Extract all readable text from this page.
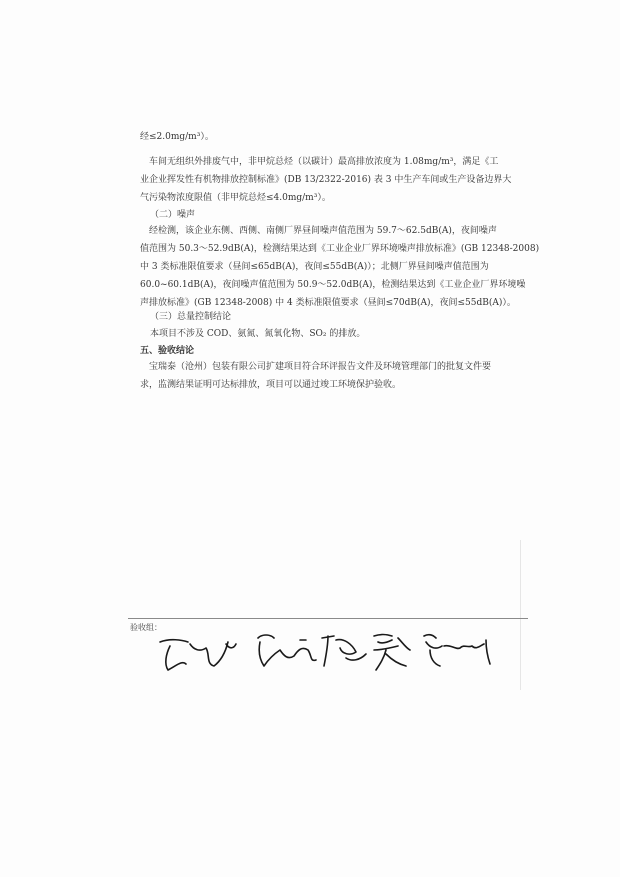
经≤2.0mg/m³）。
车间无组织外排废气中，非甲烷总烃（以碳计）最高排放浓度为 1.08mg/m³，满足《工
业企业挥发性有机物排放控制标准》(DB 13/2322-2016) 表 3 中生产车间或生产设备边界大
气污染物浓度限值（非甲烷总烃≤4.0mg/m³）。
（二）噪声
经检测，该企业东侧、西侧、南侧厂界昼间噪声值范围为 59.7～62.5dB(A)，夜间噪声
值范围为 50.3～52.9dB(A)，检测结果达到《工业企业厂界环境噪声排放标准》(GB 12348-2008)
中 3 类标准限值要求（昼间≤65dB(A)，夜间≤55dB(A)）；北侧厂界昼间噪声值范围为
60.0~60.1dB(A)，夜间噪声值范围为 50.9～52.0dB(A)，检测结果达到《工业企业厂界环境噪
声排放标准》(GB 12348-2008) 中 4 类标准限值要求（昼间≤70dB(A)，夜间≤55dB(A)）。
（三）总量控制结论
本项目不涉及 COD、氨氮、氮氧化物、SO₂ 的排放。
五、验收结论
宝瑞泰（沧州）包装有限公司扩建项目符合环评报告文件及环境管理部门的批复文件要
求，监测结果证明可达标排放，项目可以通过竣工环境保护验收。
验收组：
